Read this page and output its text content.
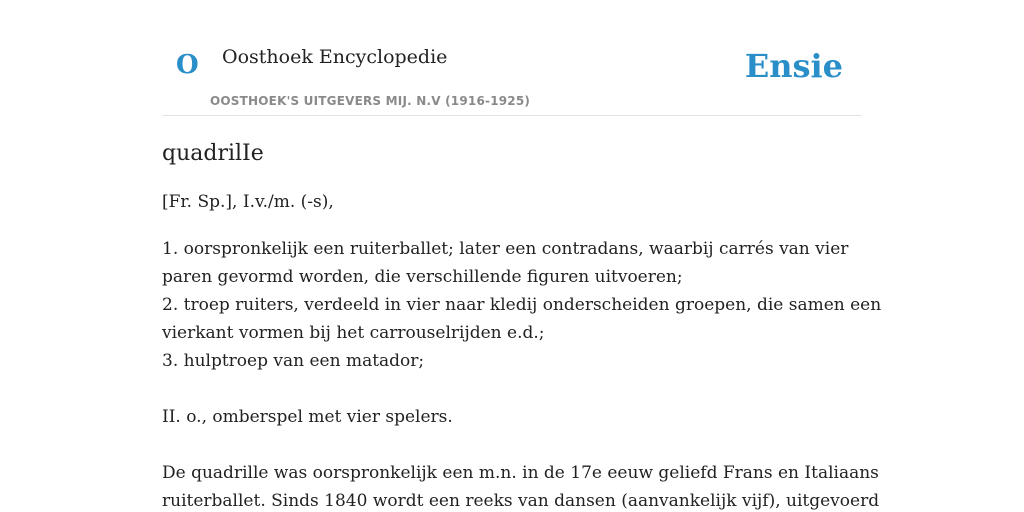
O Oosthoek Encyclopedie
OOSTHOEK'S UITGEVERS MIJ. N.V (1916-1925)
Ensie
quadrilIe

[Fr. Sp.], I.v./m. (-s),

1. oorspronkelijk een ruiterballet; later een contradans, waarbij carrés van vier
paren gevormd worden, die verschillende figuren uitvoeren;
2. troep ruiters, verdeeld in vier naar kledij onderscheiden groepen, die samen een
vierkant vormen bij het carrouselrijden e.d.;
3. hulptroep van een matador;
II. o., omberspel met vier spelers.
De quadrille was oorspronkelijk een m.n. in de 17e eeuw geliefd Frans en Italiaans
ruiterballet. Sinds 1840 wordt een reeks van dansen (aanvankelijk vijf), uitgevoerd
